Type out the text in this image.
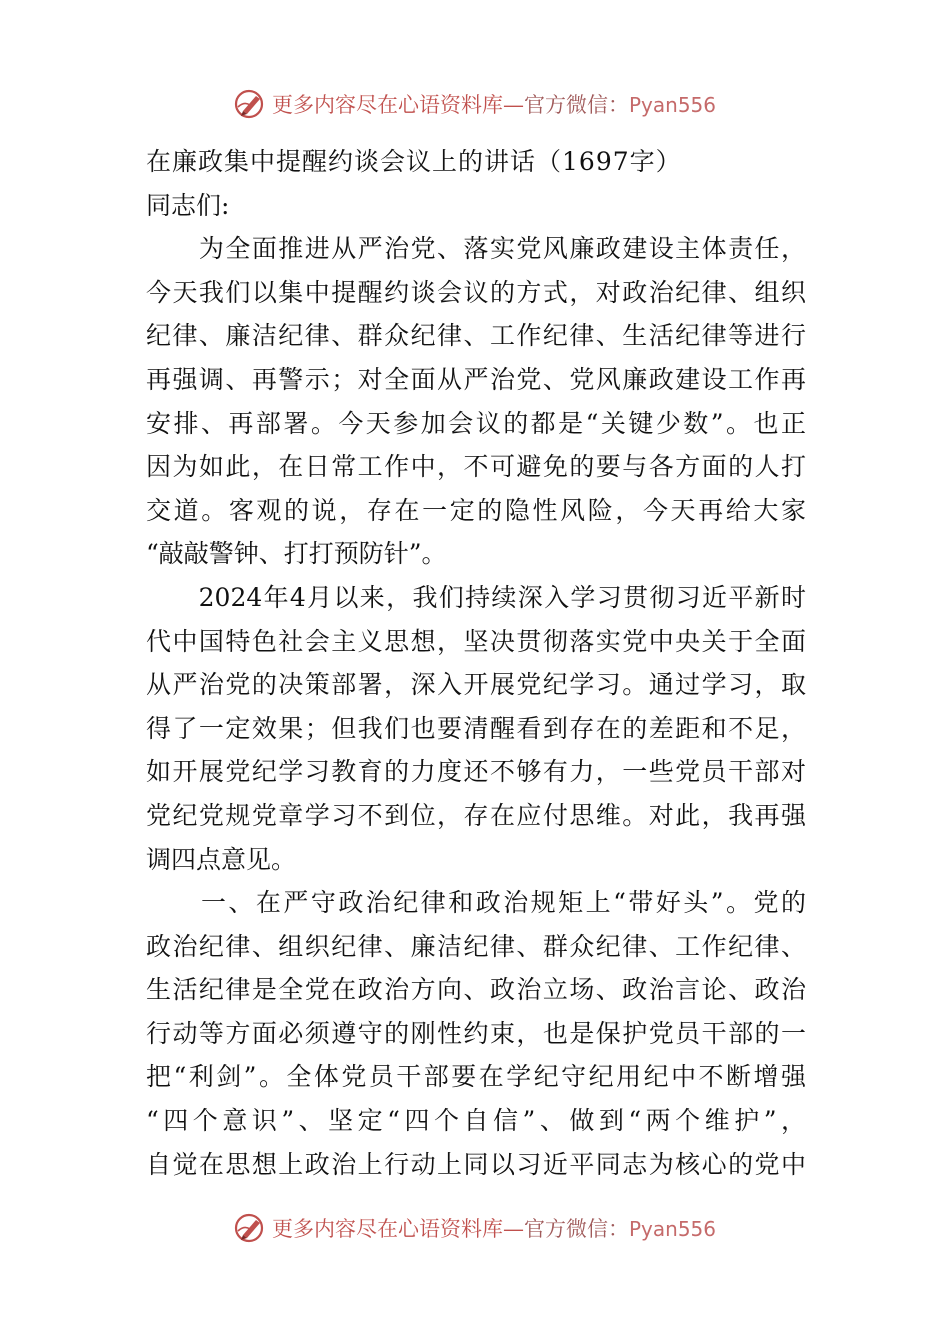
更多内容尽在心语资料库—官方微信：Pyan556
在廉政集中提醒约谈会议上的讲话（1697字）
同志们:
　　为全面推进从严治党、落实党风廉政建设主体责任，
今天我们以集中提醒约谈会议的方式，对政治纪律、组织
纪律、廉洁纪律、群众纪律、工作纪律、生活纪律等进行
再强调、再警示；对全面从严治党、党风廉政建设工作再
安排、再部署。今天参加会议的都是“关键少数”。也正
因为如此，在日常工作中，不可避免的要与各方面的人打
交道。客观的说，存在一定的隐性风险，今天再给大家
“敲敲警钟、打打预防针”。
　　2024年4月以来，我们持续深入学习贯彻习近平新时
代中国特色社会主义思想，坚决贯彻落实党中央关于全面
从严治党的决策部署，深入开展党纪学习。通过学习，取
得了一定效果；但我们也要清醒看到存在的差距和不足，
如开展党纪学习教育的力度还不够有力，一些党员干部对
党纪党规党章学习不到位，存在应付思维。对此，我再强
调四点意见。
　　一、在严守政治纪律和政治规矩上“带好头”。党的
政治纪律、组织纪律、廉洁纪律、群众纪律、工作纪律、
生活纪律是全党在政治方向、政治立场、政治言论、政治
行动等方面必须遵守的刚性约束，也是保护党员干部的一
把“利剑”。全体党员干部要在学纪守纪用纪中不断增强
“四个意识”、坚定“四个自信”、做到“两个维护”，
自觉在思想上政治上行动上同以习近平同志为核心的党中
更多内容尽在心语资料库—官方微信：Pyan556
